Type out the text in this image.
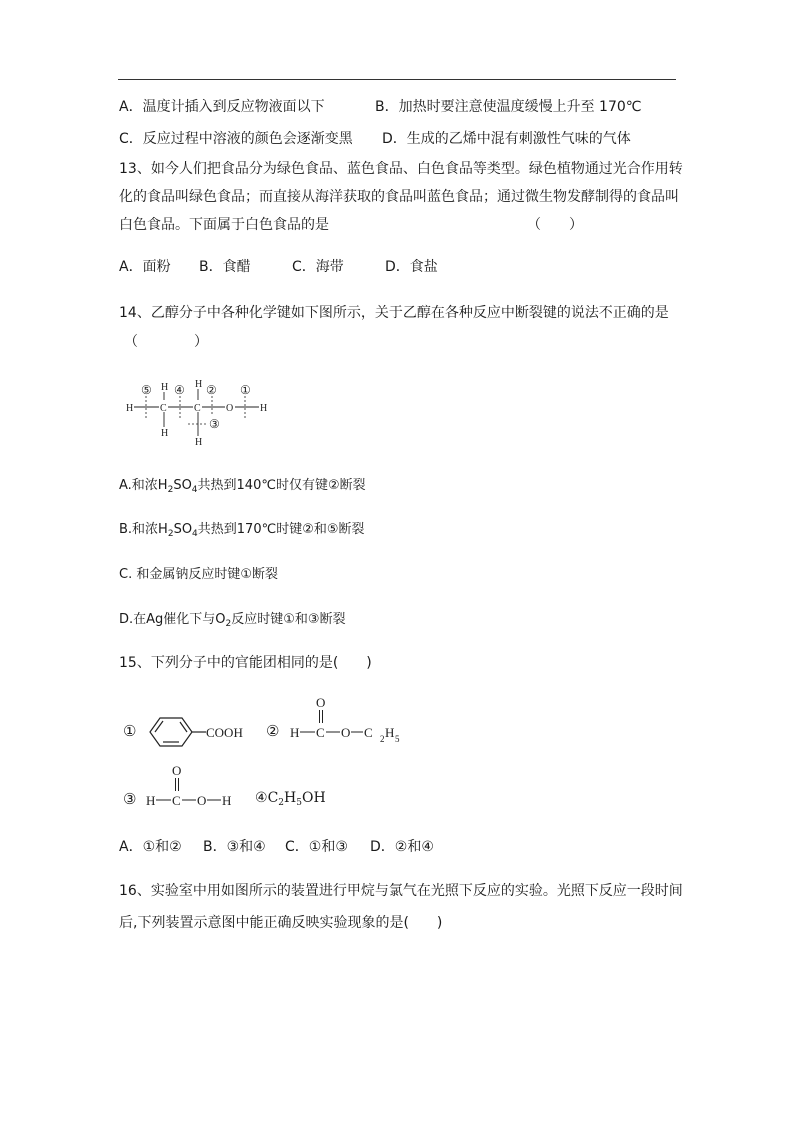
A．温度计插入到反应物液面以下	B．加热时要注意使温度缓慢上升至 170℃
C．反应过程中溶液的颜色会逐渐变黑 D．生成的乙烯中混有刺激性气味的气体
13、如今人们把食品分为绿色食品、蓝色食品、白色食品等类型。绿色植物通过光合作用转
化的食品叫绿色食品；而直接从海洋获取的食品叫蓝色食品；通过微生物发酵制得的食品叫
白色食品。下面属于白色食品的是	（　　）
A．面粉 B．食醋	C．海带	D．食盐
14、乙醇分子中各种化学键如下图所示，关于乙醇在各种反应中断裂键的说法不正确的是
（　　　　）
⑤ ④ ② ①
③
H	C	C	O	H
H
H
H
H
A.和浓$H_2SO_4$共热到140℃时仅有键②断裂
B.和浓$H_2SO_4$共热到170℃时键②和⑤断裂
C. 和金属钠反应时键①断裂
D.在Ag催化下与$O_2$反应时键①和③断裂
15、下列分子中的官能团相同的是(　　)
①	COOH ② H C O C 2 H 5
O
③ H C O H
O
$④C_2H_5OH$
A．①和② B．③和④ C．①和③ D．②和④
16、实验室中用如图所示的装置进行甲烷与氯气在光照下反应的实验。光照下反应一段时间
后,下列装置示意图中能正确反映实验现象的是(　　)
